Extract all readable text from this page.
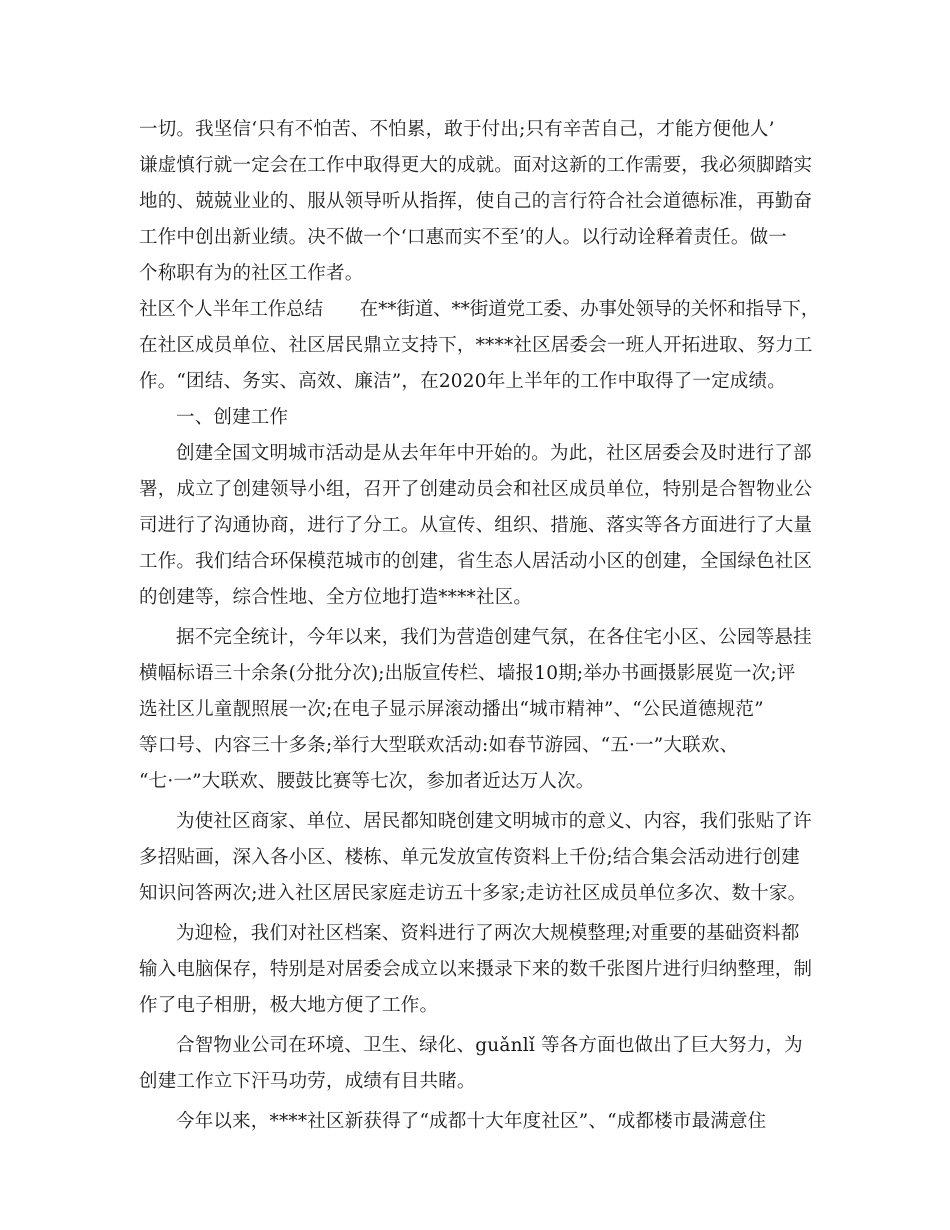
一切。我坚信‘只有不怕苦、不怕累，敢于付出;只有辛苦自己，才能方便他人’
谦虚慎行就一定会在工作中取得更大的成就。面对这新的工作需要，我必须脚踏实
地的、兢兢业业的、服从领导听从指挥，使自己的言行符合社会道德标准，再勤奋
工作中创出新业绩。决不做一个‘口惠而实不至’的人。以行动诠释着责任。做一
个称职有为的社区工作者。
社区个人半年工作总结　　在**街道、**街道党工委、办事处领导的关怀和指导下，
在社区成员单位、社区居民鼎立支持下，****社区居委会一班人开拓进取、努力工
作。“团结、务实、高效、廉洁”，在2020年上半年的工作中取得了一定成绩。
一、创建工作
创建全国文明城市活动是从去年年中开始的。为此，社区居委会及时进行了部
署，成立了创建领导小组，召开了创建动员会和社区成员单位，特别是合智物业公
司进行了沟通协商，进行了分工。从宣传、组织、措施、落实等各方面进行了大量
工作。我们结合环保模范城市的创建，省生态人居活动小区的创建，全国绿色社区
的创建等，综合性地、全方位地打造****社区。
据不完全统计，今年以来，我们为营造创建气氛，在各住宅小区、公园等悬挂
横幅标语三十余条(分批分次);出版宣传栏、墙报10期;举办书画摄影展览一次;评
选社区儿童靓照展一次;在电子显示屏滚动播出“城市精神”、“公民道德规范”
等口号、内容三十多条;举行大型联欢活动:如春节游园、“五·一”大联欢、
“七·一”大联欢、腰鼓比赛等七次，参加者近达万人次。
为使社区商家、单位、居民都知晓创建文明城市的意义、内容，我们张贴了许
多招贴画，深入各小区、楼栋、单元发放宣传资料上千份;结合集会活动进行创建
知识问答两次;进入社区居民家庭走访五十多家;走访社区成员单位多次、数十家。
为迎检，我们对社区档案、资料进行了两次大规模整理;对重要的基础资料都
输入电脑保存，特别是对居委会成立以来摄录下来的数千张图片进行归纳整理，制
作了电子相册，极大地方便了工作。
合智物业公司在环境、卫生、绿化、guǎnlǐ 等各方面也做出了巨大努力，为
创建工作立下汗马功劳，成绩有目共睹。
今年以来，****社区新获得了“成都十大年度社区”、“成都楼市最满意住
